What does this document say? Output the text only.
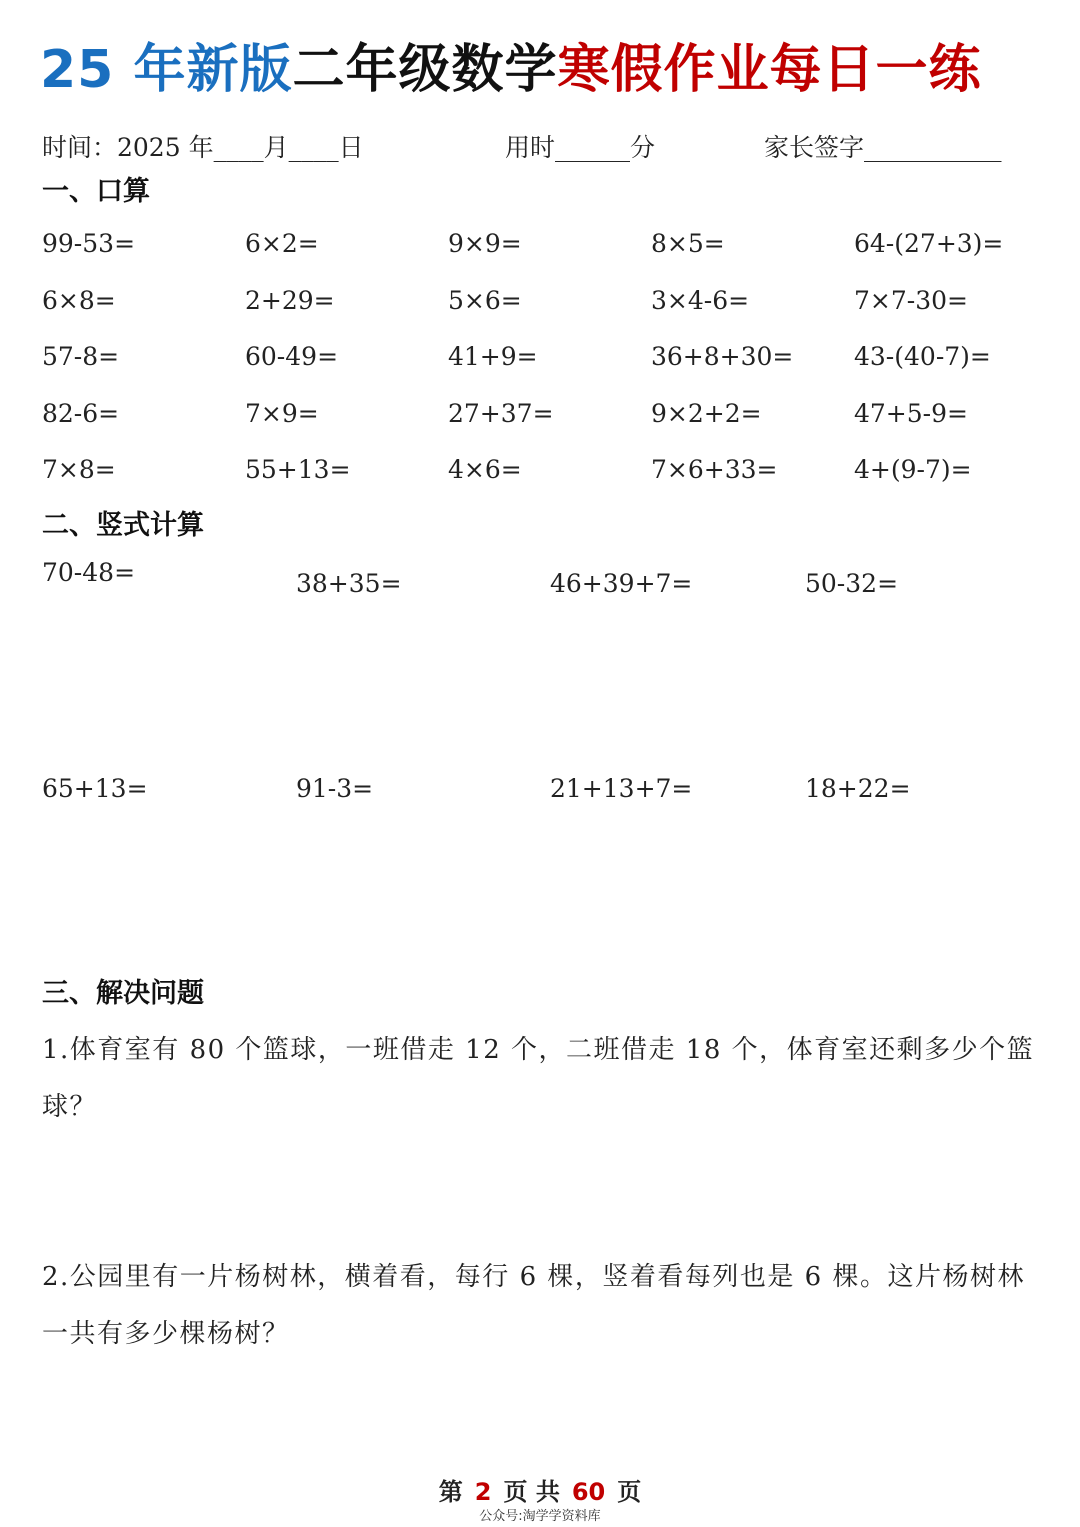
25 年新版 二年级数学 寒假作业每日一练
时间：2025 年____月____日	用时______分	家长签字___________
一、口算
99-53=	6×2=	9×9=	8×5=	64-(27+3)=
6×8=	2+29=	5×6=	3×4-6=	7×7-30=
57-8=	60-49=	41+9=	36+8+30=	43-(40-7)=
82-6=	7×9=	27+37=	9×2+2=	47+5-9=
7×8=	55+13=	4×6=	7×6+33=	4+(9-7)=
二、竖式计算
70-48=	38+35=	46+39+7=	50-32=
65+13=	91-3=	21+13+7=	18+22=
三、解决问题
1.体育室有 80 个篮球，一班借走 12 个，二班借走 18 个，体育室还剩多少个篮球？
2.公园里有一片杨树林，横着看，每行 6 棵，竖着看每列也是 6 棵。这片杨树林一共有多少棵杨树？
第 2 页 共 60 页
公众号:淘学学资料库
